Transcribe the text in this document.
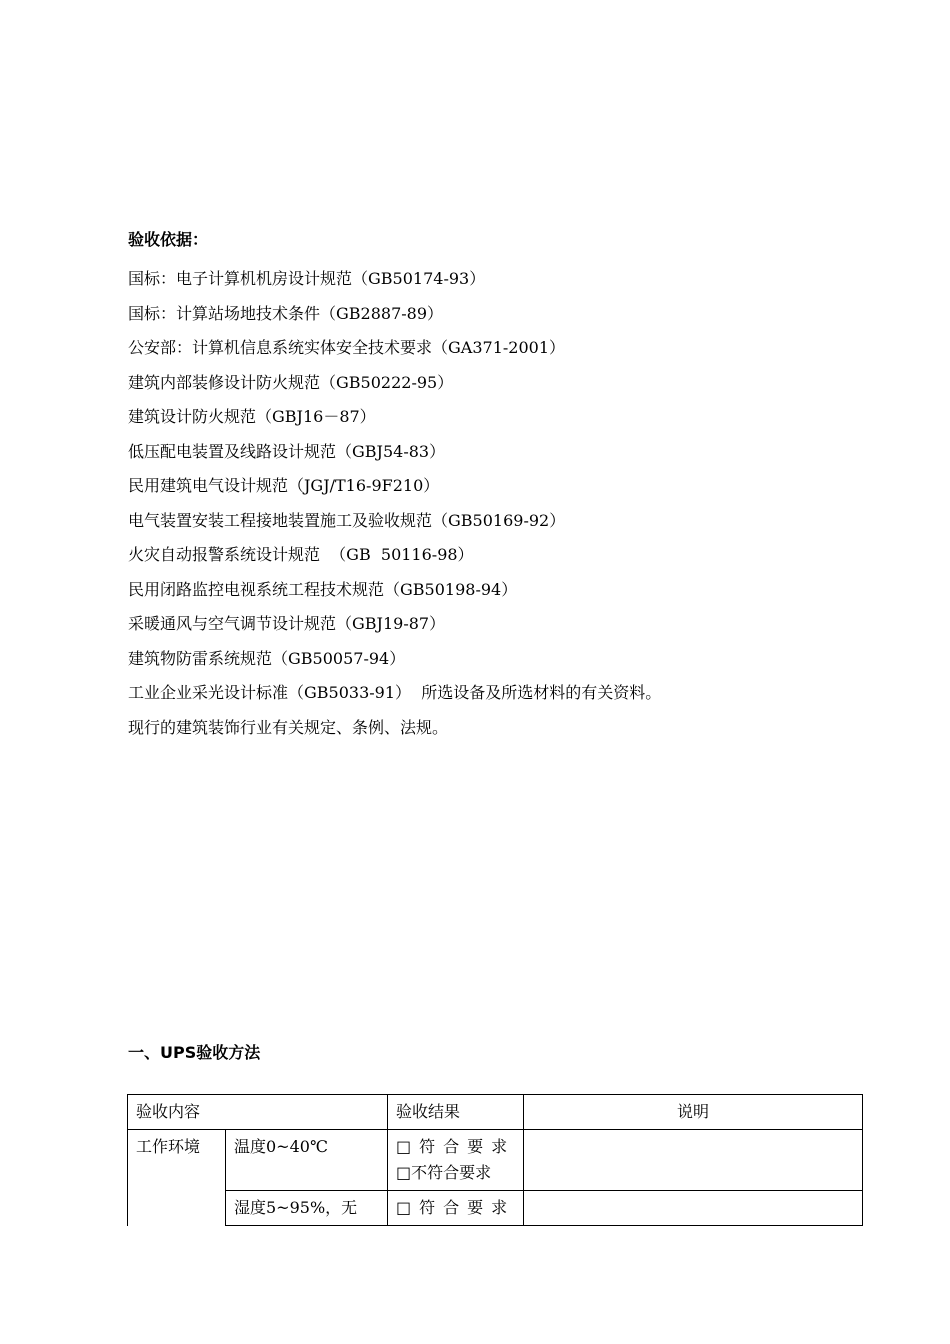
验收依据：
国标：电子计算机机房设计规范（GB50174-93）
国标：计算站场地技术条件（GB2887-89）
公安部：计算机信息系统实体安全技术要求（GA371-2001）
建筑内部装修设计防火规范（GB50222-95）
建筑设计防火规范（GBJ16－87）
低压配电装置及线路设计规范（GBJ54-83）
民用建筑电气设计规范（JGJ/T16-9F210）
电气装置安装工程接地装置施工及验收规范（GB50169-92）
火灾自动报警系统设计规范  （GB  50116-98）
民用闭路监控电视系统工程技术规范（GB50198-94）
采暖通风与空气调节设计规范（GBJ19-87）
建筑物防雷系统规范（GB50057-94）
工业企业采光设计标准（GB5033-91）  所选设备及所选材料的有关资料。
现行的建筑装饰行业有关规定、条例、法规。
一、UPS验收方法
验收内容		验收结果	说明
工作环境	温度0~40℃	□符合要求
□不符合要求	

	湿度5~95%，无	□符合要求	
